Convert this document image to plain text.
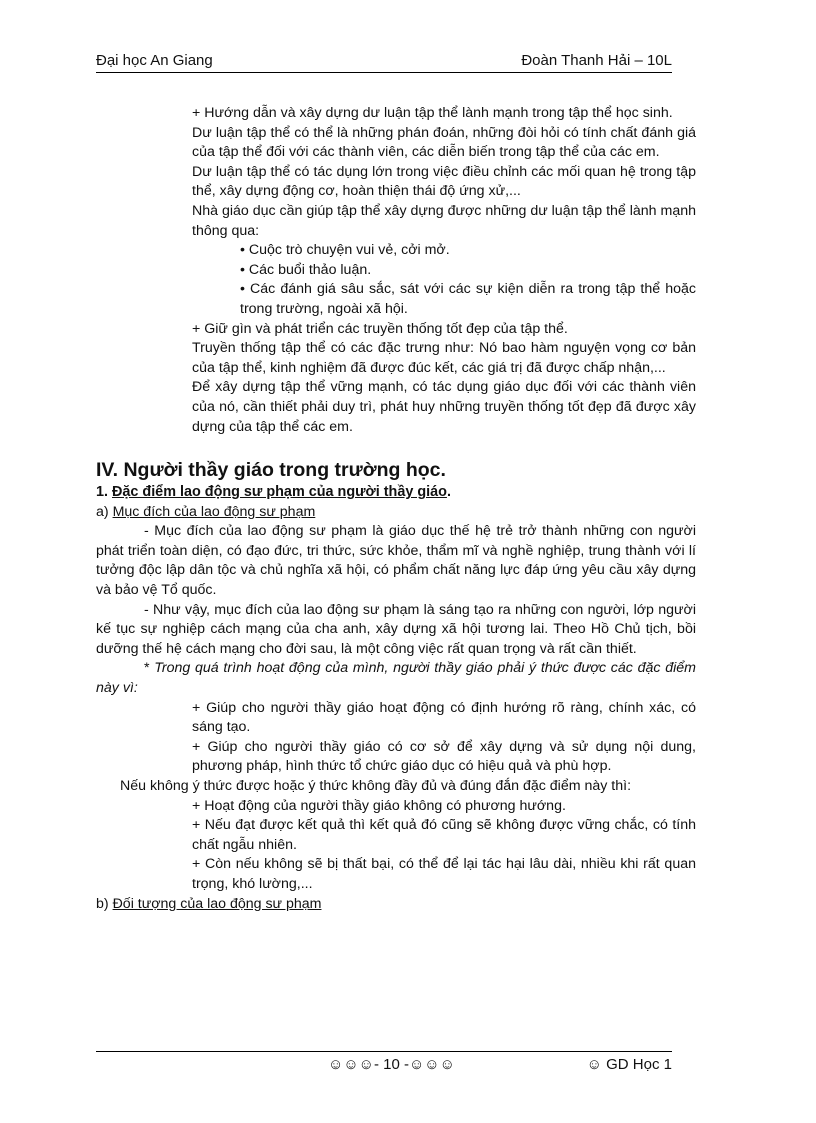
Đại học An Giang	Đoàn Thanh Hải – 10L

+ Hướng dẫn và xây dựng dư luận tập thể lành mạnh trong tập thể học sinh.

Dư luận tập thể có thể là những phán đoán, những đòi hỏi có tính chất đánh giá của tập thể đối với các thành viên, các diễn biến trong tập thể của các em.

Dư luận tập thể có tác dụng lớn trong việc điều chỉnh các mối quan hệ trong tập thể, xây dựng động cơ, hoàn thiện thái độ ứng xử,...

Nhà giáo dục cần giúp tập thể xây dựng được những dư luận tập thể lành mạnh thông qua:

• Cuộc trò chuyện vui vẻ, cởi mở.

• Các buổi thảo luận.

• Các đánh giá sâu sắc, sát với các sự kiện diễn ra trong tập thể hoặc trong trường, ngoài xã hội.

+ Giữ gìn và phát triển các truyền thống tốt đẹp của tập thể.

Truyền thống tập thể có các đặc trưng như: Nó bao hàm nguyện vọng cơ bản của tập thể, kinh nghiệm đã được đúc kết, các giá trị đã được chấp nhận,...

Để xây dựng tập thể vững mạnh, có tác dụng giáo dục đối với các thành viên của nó, cần thiết phải duy trì, phát huy những truyền thống tốt đẹp đã được xây dựng của tập thể các em.

IV. Người thầy giáo trong trường học.

1. Đặc điểm lao động sư phạm của người thầy giáo.

a) Mục đích của lao động sư phạm

- Mục đích của lao động sư phạm là giáo dục thế hệ trẻ trở thành những con người phát triển toàn diện, có đạo đức, tri thức, sức khỏe, thẩm mĩ và nghề nghiệp, trung thành với lí tưởng độc lập dân tộc và chủ nghĩa xã hội, có phẩm chất năng lực đáp ứng yêu cầu xây dựng và bảo vệ Tổ quốc.

- Như vậy, mục đích của lao động sư phạm là sáng tạo ra những con người, lớp người kế tục sự nghiệp cách mạng của cha anh, xây dựng xã hội tương lai. Theo Hồ Chủ tịch, bồi dưỡng thế hệ cách mạng cho đời sau, là một công việc rất quan trọng và rất cần thiết.

* Trong quá trình hoạt động của mình, người thầy giáo phải ý thức được các đặc điểm này vì:

+ Giúp cho người thầy giáo hoạt động có định hướng rõ ràng, chính xác, có sáng tạo.

+ Giúp cho người thầy giáo có cơ sở để xây dựng và sử dụng nội dung, phương pháp, hình thức tổ chức giáo dục có hiệu quả và phù hợp.

Nếu không ý thức được hoặc ý thức không đầy đủ và đúng đắn đặc điểm này thì:

+ Hoạt động của người thầy giáo không có phương hướng.

+ Nếu đạt được kết quả thì kết quả đó cũng sẽ không được vững chắc, có tính chất ngẫu nhiên.

+ Còn nếu không sẽ bị thất bại, có thể để lại tác hại lâu dài, nhiều khi rất quan trọng, khó lường,...

b) Đối tượng của lao động sư phạm

☺☺☺- 10 -☺☺☺	☺ GD Học 1
